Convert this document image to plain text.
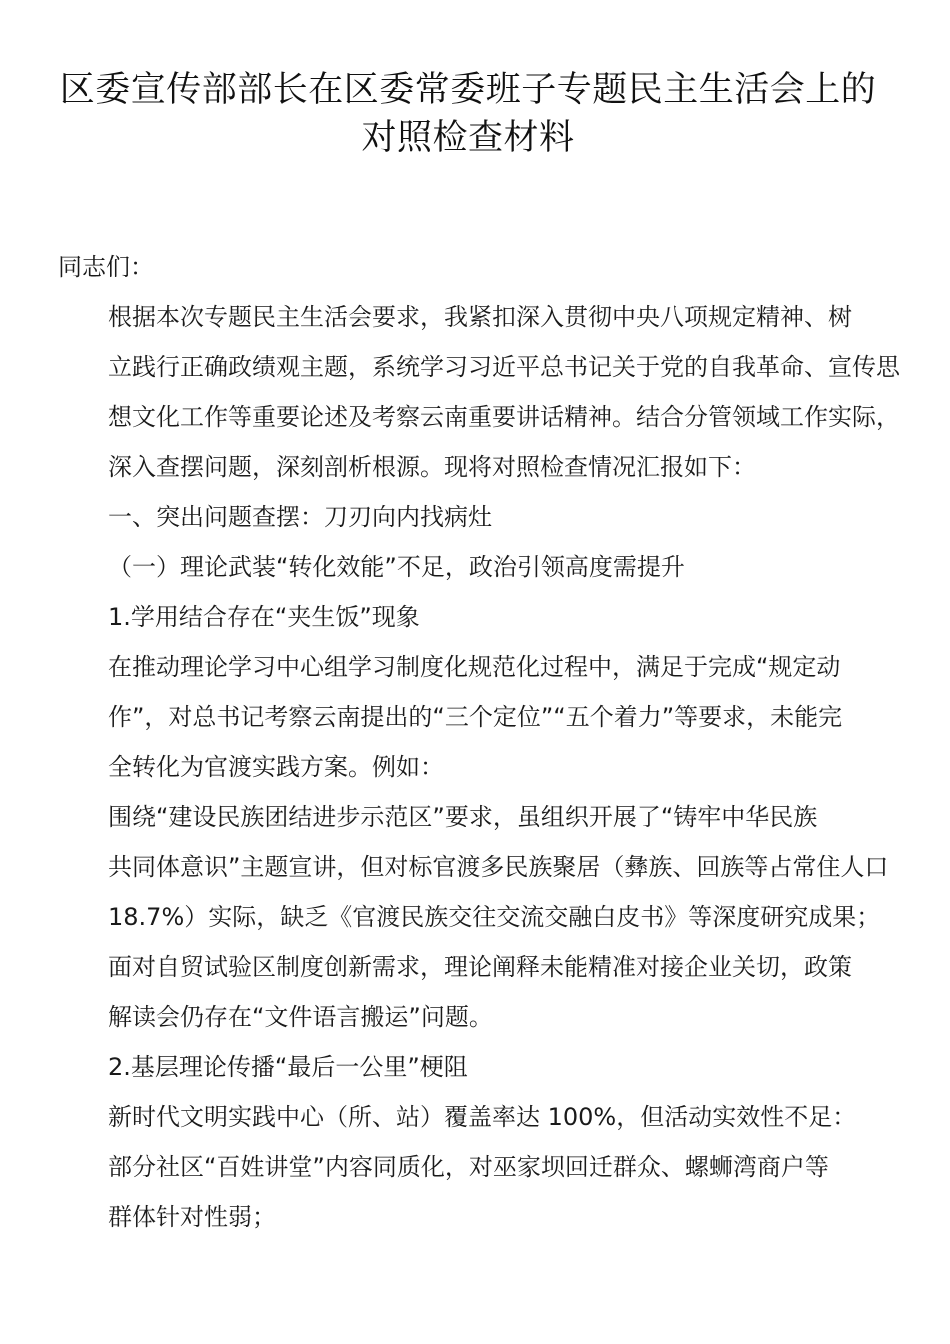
区委宣传部部长在区委常委班子专题民主生活会上的
对照检查材料

同志们：

根据本次专题民主生活会要求，我紧扣深入贯彻中央八项规定精神、树
立践行正确政绩观主题，系统学习习近平总书记关于党的自我革命、宣传思
想文化工作等重要论述及考察云南重要讲话精神。结合分管领域工作实际，
深入查摆问题，深刻剖析根源。现将对照检查情况汇报如下：

一、突出问题查摆：刀刃向内找病灶

（一）理论武装“转化效能”不足，政治引领高度需提升

1.学用结合存在“夹生饭”现象

在推动理论学习中心组学习制度化规范化过程中，满足于完成“规定动
作”，对总书记考察云南提出的“三个定位”“五个着力”等要求，未能完
全转化为官渡实践方案。例如：

围绕“建设民族团结进步示范区”要求，虽组织开展了“铸牢中华民族
共同体意识”主题宣讲，但对标官渡多民族聚居（彝族、回族等占常住人口
18.7%）实际，缺乏《官渡民族交往交流交融白皮书》等深度研究成果；

面对自贸试验区制度创新需求，理论阐释未能精准对接企业关切，政策
解读会仍存在“文件语言搬运”问题。

2.基层理论传播“最后一公里”梗阻

新时代文明实践中心（所、站）覆盖率达 100%，但活动实效性不足：

部分社区“百姓讲堂”内容同质化，对巫家坝回迁群众、螺蛳湾商户等
群体针对性弱；
